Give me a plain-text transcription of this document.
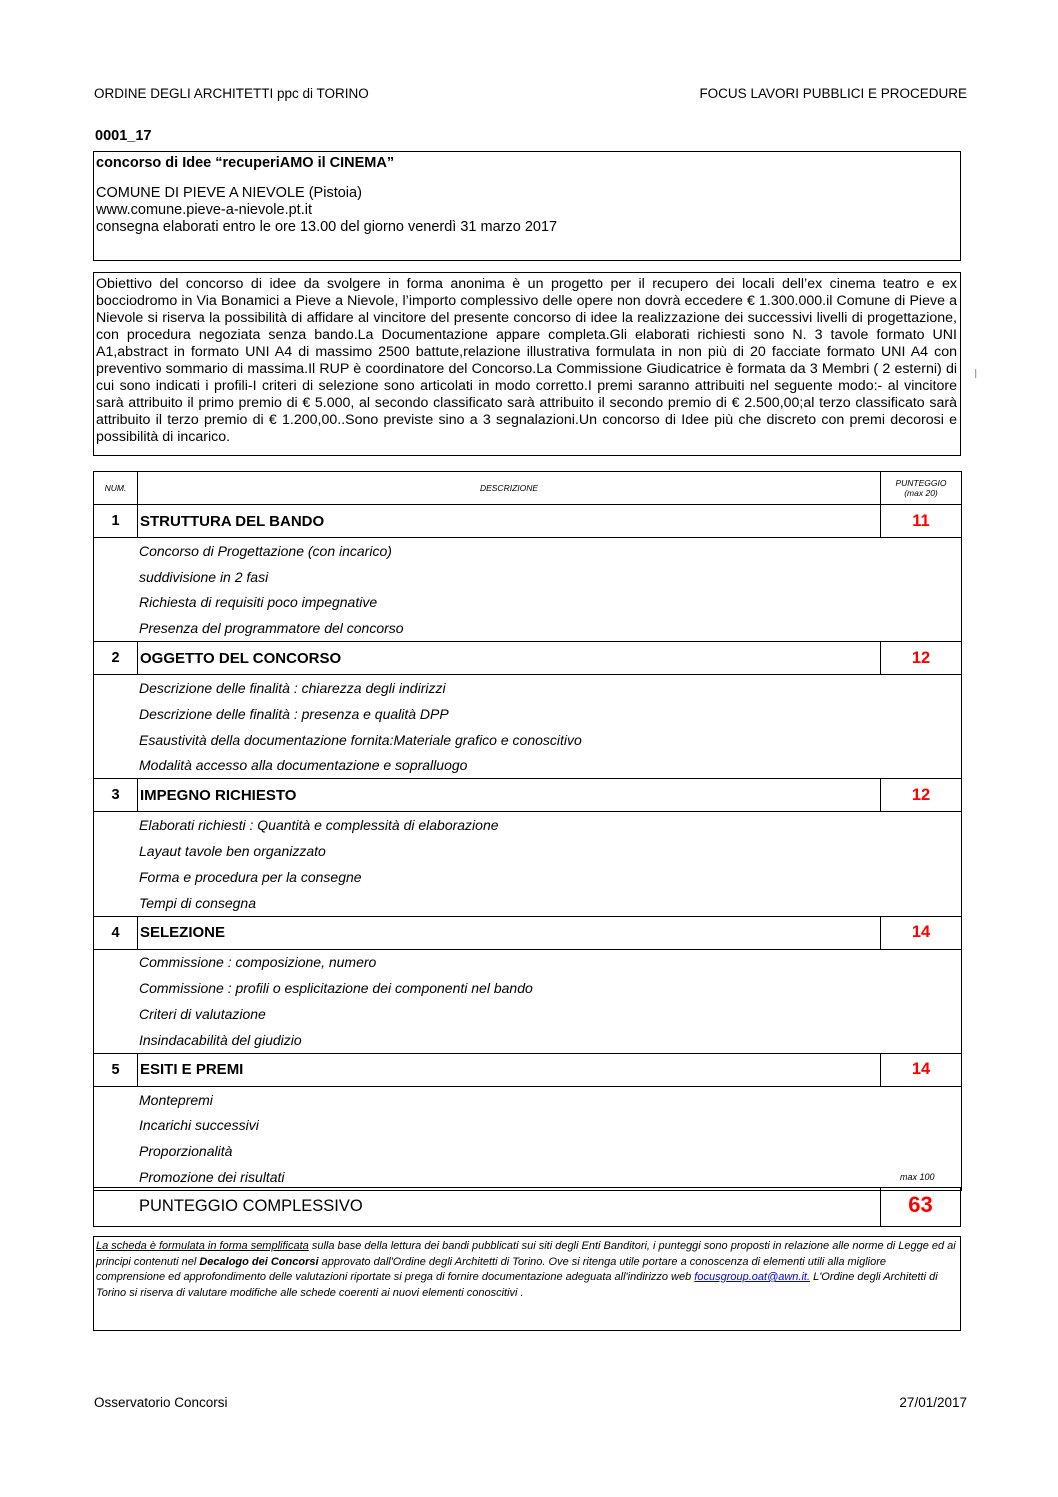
ORDINE DEGLI ARCHITETTI ppc di TORINO	FOCUS LAVORI PUBBLICI E PROCEDURE
0001_17
concorso di Idee “recuperiAMO il CINEMA”
COMUNE DI PIEVE A NIEVOLE (Pistoia)
www.comune.pieve-a-nievole.pt.it
consegna elaborati entro le ore 13.00 del giorno venerdì 31 marzo 2017
Obiettivo del concorso di idee da svolgere in forma anonima è un progetto per il recupero dei locali dell’ex cinema teatro e ex bocciodromo in Via Bonamici a Pieve a Nievole, l’importo complessivo delle opere non dovrà eccedere € 1.300.000.il Comune di Pieve a Nievole si riserva la possibilità di affidare al vincitore del presente concorso di idee la realizzazione dei successivi livelli di progettazione, con procedura negoziata senza bando.La Documentazione appare completa.Gli elaborati richiesti sono N. 3 tavole formato UNI A1,abstract in formato UNI A4 di massimo 2500 battute,relazione illustrativa formulata in non più di 20 facciate formato UNI A4 con preventivo sommario di massima.Il RUP è coordinatore del Concorso.La Commissione Giudicatrice è formata da 3 Membri ( 2 esterni) di cui sono indicati i profili-I criteri di selezione sono articolati in modo corretto.I premi saranno attribuiti nel seguente modo:- al vincitore sarà attribuito il primo premio di € 5.000, al secondo classificato sarà attribuito il secondo premio di € 2.500,00;al terzo classificato sarà attribuito il terzo premio di € 1.200,00..Sono previste sino a 3 segnalazioni.Un concorso di Idee più che discreto con premi decorosi e possibilità di incarico.
❘
NUM.	DESCRIZIONE	PUNTEGGIO
(max 20)

1	STRUTTURA DEL BANDO	11
Concorso di Progettazione (con incarico)		
suddivisione in 2 fasi		
Richiesta di requisiti poco impegnative		
Presenza del programmatore del concorso		
2	OGGETTO DEL CONCORSO	12
Descrizione delle finalità : chiarezza degli indirizzi		
Descrizione delle finalità : presenza e qualità DPP		
Esaustività della documentazione fornita:Materiale grafico e conoscitivo		
Modalità accesso alla documentazione e sopralluogo		
3	IMPEGNO RICHIESTO	12
Elaborati richiesti : Quantità e complessità di elaborazione		
Layaut tavole ben organizzato		
Forma e procedura per la consegne		
Tempi di consegna		
4	SELEZIONE	14
Commissione : composizione, numero		
Commissione : profili o esplicitazione dei componenti nel bando		
Criteri di valutazione		
Insindacabilità del giudizio		
5	ESITI E PREMI	14
Montepremi		
Incarichi successivi		
Proporzionalità		
Promozione dei risultati			max 100
PUNTEGGIO COMPLESSIVO	63
La scheda è formulata in forma semplificata sulla base della lettura dei bandi pubblicati sui siti degli Enti Banditori, i punteggi sono proposti in relazione alle norme di Legge ed ai principi contenuti nel Decalogo dei Concorsi approvato dall'Ordine degli Architetti di Torino. Ove si ritenga utile portare a conoscenza di elementi utili alla migliore comprensione ed approfondimento delle valutazioni riportate si prega di fornire documentazione adeguata all'indirizzo web focusgroup.oat@awn.it. L'Ordine degli Architetti di Torino si riserva di valutare modifiche alle schede coerenti ai nuovi elementi conoscitivi .
Osservatorio Concorsi	27/01/2017
